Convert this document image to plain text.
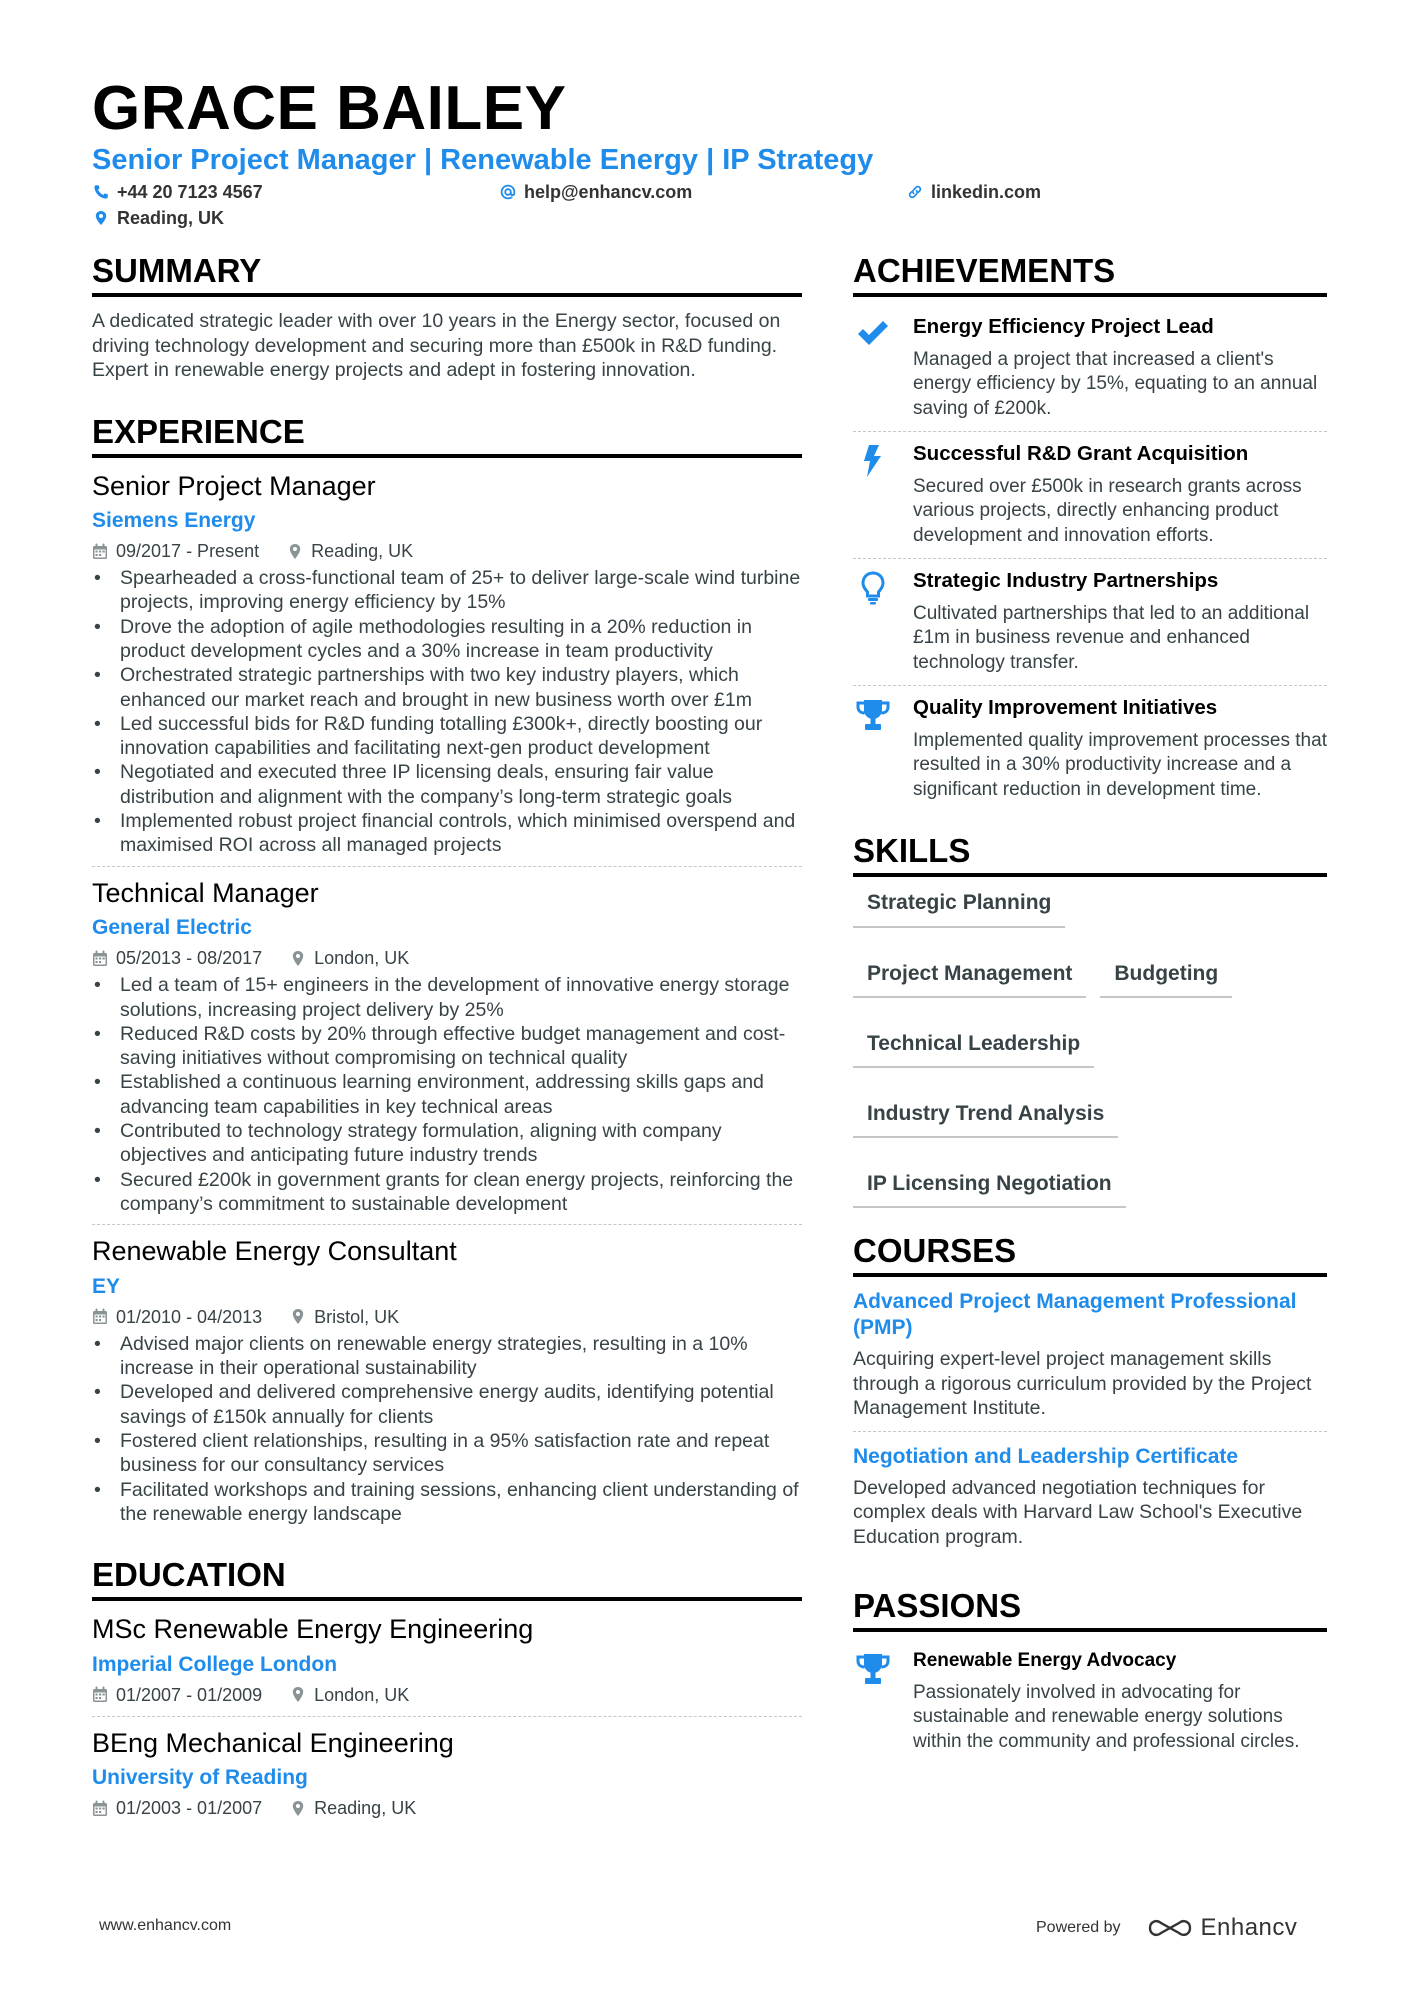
GRACE BAILEY
Senior Project Manager | Renewable Energy | IP Strategy
+44 20 7123 4567	help@enhancv.com	linkedin.com
Reading, UK
SUMMARY
A dedicated strategic leader with over 10 years in the Energy sector, focused on driving technology development and securing more than £500k in R&D funding. Expert in renewable energy projects and adept in fostering innovation.
EXPERIENCE
Senior Project Manager
Siemens Energy
09/2017 - Present	Reading, UK
• Spearheaded a cross-functional team of 25+ to deliver large-scale wind turbine projects, improving energy efficiency by 15%
• Drove the adoption of agile methodologies resulting in a 20% reduction in product development cycles and a 30% increase in team productivity
• Orchestrated strategic partnerships with two key industry players, which enhanced our market reach and brought in new business worth over £1m
• Led successful bids for R&D funding totalling £300k+, directly boosting our innovation capabilities and facilitating next-gen product development
• Negotiated and executed three IP licensing deals, ensuring fair value distribution and alignment with the company’s long-term strategic goals
• Implemented robust project financial controls, which minimised overspend and maximised ROI across all managed projects
Technical Manager
General Electric
05/2013 - 08/2017	London, UK
• Led a team of 15+ engineers in the development of innovative energy storage solutions, increasing project delivery by 25%
• Reduced R&D costs by 20% through effective budget management and cost-saving initiatives without compromising on technical quality
• Established a continuous learning environment, addressing skills gaps and advancing team capabilities in key technical areas
• Contributed to technology strategy formulation, aligning with company objectives and anticipating future industry trends
• Secured £200k in government grants for clean energy projects, reinforcing the company’s commitment to sustainable development
Renewable Energy Consultant
EY
01/2010 - 04/2013	Bristol, UK
• Advised major clients on renewable energy strategies, resulting in a 10% increase in their operational sustainability
• Developed and delivered comprehensive energy audits, identifying potential savings of £150k annually for clients
• Fostered client relationships, resulting in a 95% satisfaction rate and repeat business for our consultancy services
• Facilitated workshops and training sessions, enhancing client understanding of the renewable energy landscape
EDUCATION
MSc Renewable Energy Engineering
Imperial College London
01/2007 - 01/2009	London, UK
BEng Mechanical Engineering
University of Reading
01/2003 - 01/2007	Reading, UK
ACHIEVEMENTS
Energy Efficiency Project Lead
Managed a project that increased a client's energy efficiency by 15%, equating to an annual saving of £200k.
Successful R&D Grant Acquisition
Secured over £500k in research grants across various projects, directly enhancing product development and innovation efforts.
Strategic Industry Partnerships
Cultivated partnerships that led to an additional £1m in business revenue and enhanced technology transfer.
Quality Improvement Initiatives
Implemented quality improvement processes that resulted in a 30% productivity increase and a significant reduction in development time.
SKILLS
Strategic Planning
Project Management	Budgeting
Technical Leadership
Industry Trend Analysis
IP Licensing Negotiation
COURSES
Advanced Project Management Professional (PMP)
Acquiring expert-level project management skills through a rigorous curriculum provided by the Project Management Institute.
Negotiation and Leadership Certificate
Developed advanced negotiation techniques for complex deals with Harvard Law School's Executive Education program.
PASSIONS
Renewable Energy Advocacy
Passionately involved in advocating for sustainable and renewable energy solutions within the community and professional circles.
www.enhancv.com	Powered by	Enhancv
